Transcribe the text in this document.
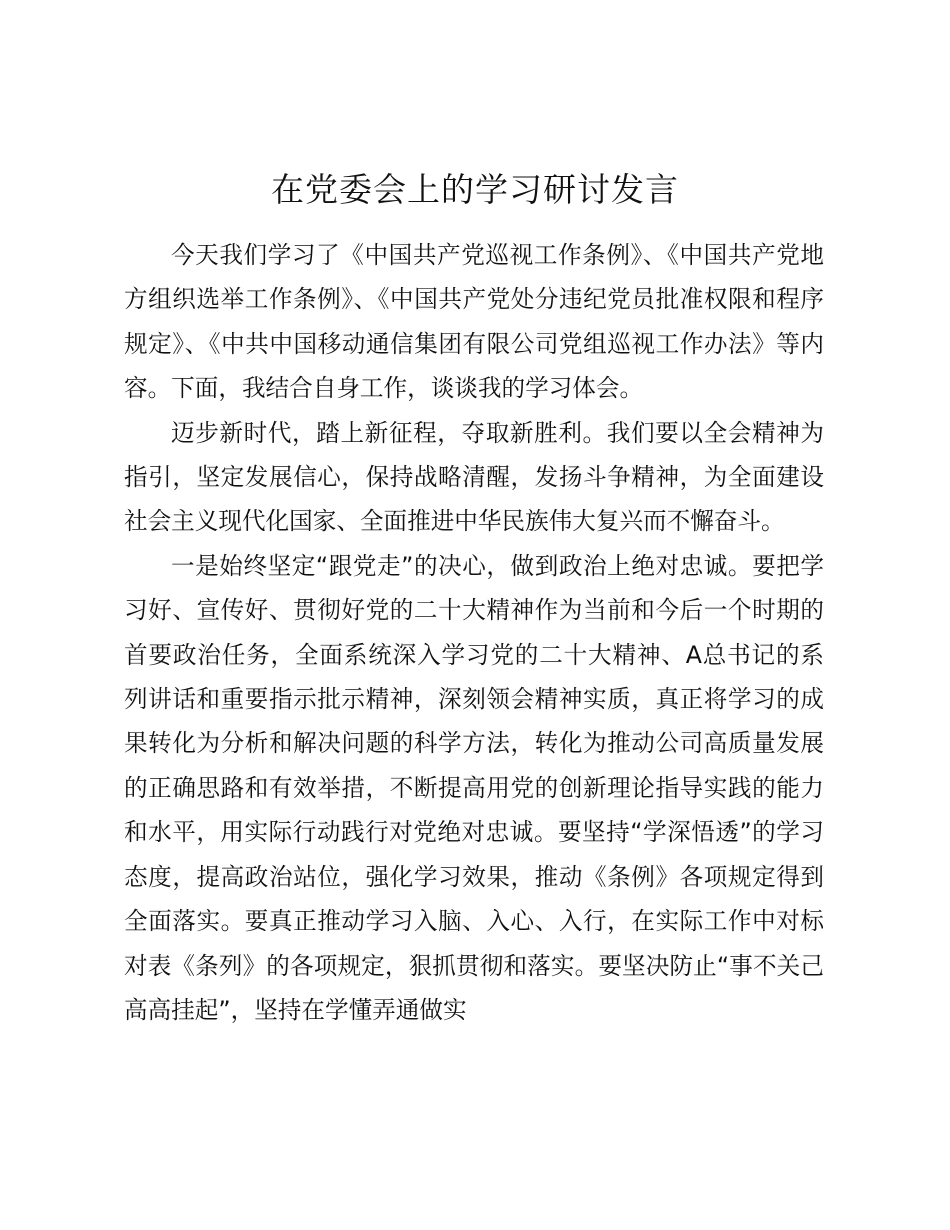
在党委会上的学习研讨发言

今天我们学习了《中国共产党巡视工作条例》、《中国共产党地方组织选举工作条例》、《中国共产党处分违纪党员批准权限和程序规定》、《中共中国移动通信集团有限公司党组巡视工作办法》等内容。下面，我结合自身工作，谈谈我的学习体会。

迈步新时代，踏上新征程，夺取新胜利。我们要以全会精神为指引，坚定发展信心，保持战略清醒，发扬斗争精神，为全面建设社会主义现代化国家、全面推进中华民族伟大复兴而不懈奋斗。

一是始终坚定“跟党走”的决心，做到政治上绝对忠诚。要把学习好、宣传好、贯彻好党的二十大精神作为当前和今后一个时期的首要政治任务，全面系统深入学习党的二十大精神、A总书记的系列讲话和重要指示批示精神，深刻领会精神实质，真正将学习的成果转化为分析和解决问题的科学方法，转化为推动公司高质量发展的正确思路和有效举措，不断提高用党的创新理论指导实践的能力和水平，用实际行动践行对党绝对忠诚。要坚持“学深悟透”的学习态度，提高政治站位，强化学习效果，推动《条例》各项规定得到全面落实。要真正推动学习入脑、入心、入行，在实际工作中对标对表《条列》的各项规定，狠抓贯彻和落实。要坚决防止“事不关己高高挂起”，坚持在学懂弄通做实
